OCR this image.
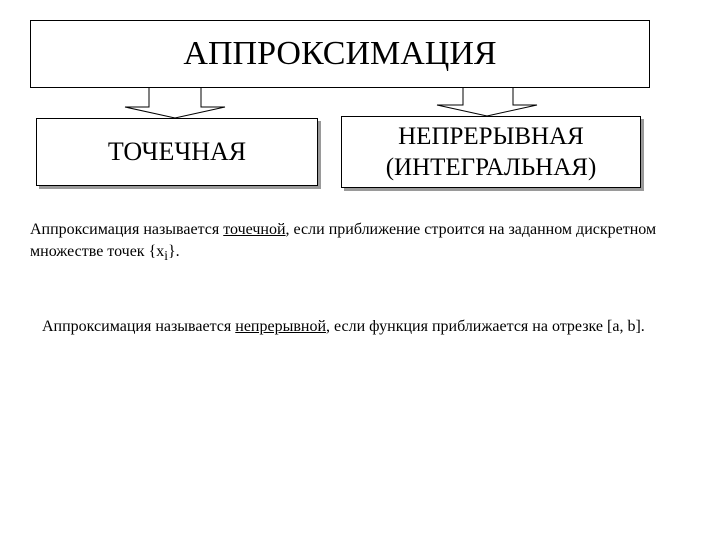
АППРОКСИМАЦИЯ
ТОЧЕЧНАЯ
НЕПРЕРЫВНАЯ
(ИНТЕГРАЛЬНАЯ)

Аппроксимация называется точечной, если приближение строится на заданном дискретном множестве точек $\{x_i\}$.

Аппроксимация называется непрерывной, если функция приближается на отрезке [a, b].
